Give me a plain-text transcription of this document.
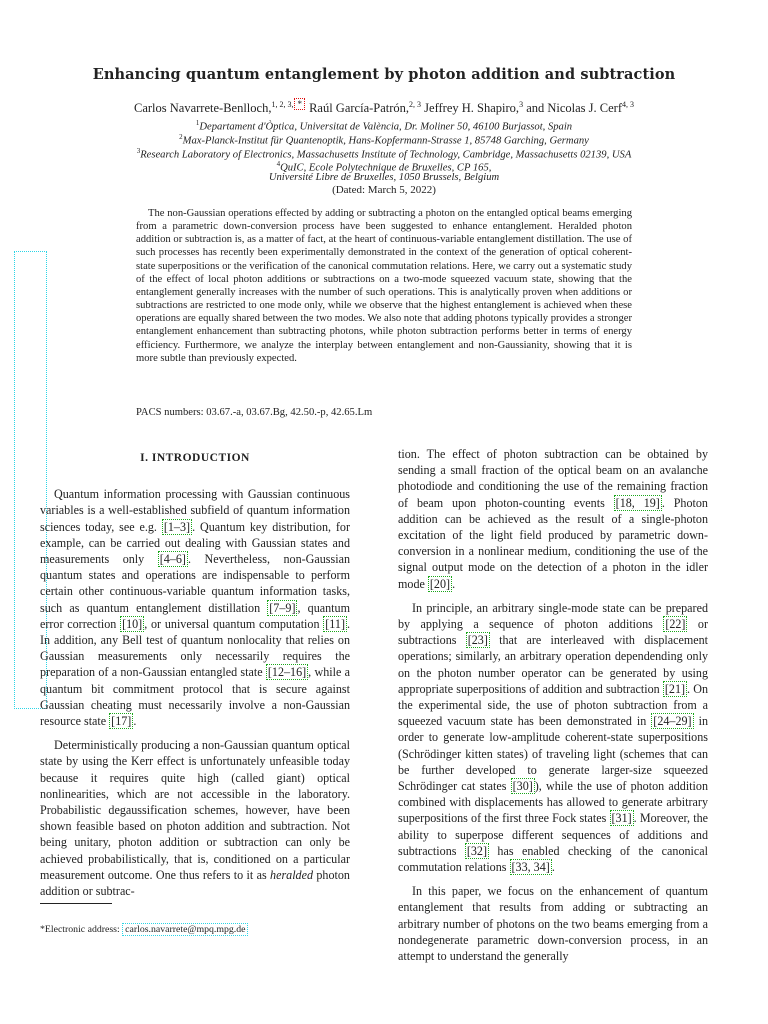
Enhancing quantum entanglement by photon addition and subtraction
Carlos Navarrete-Benlloch,$^{1, 2, 3,}$ * Raúl García-Patrón,$^{2, 3}$ Jeffrey H. Shapiro,$^3$ and Nicolas J. Cerf$^{4, 3}$
$^1$Departament d'Òptica, Universitat de València, Dr. Moliner 50, 46100 Burjassot, Spain
$^2$Max-Planck-Institut für Quantenoptik, Hans-Kopfermann-Strasse 1, 85748 Garching, Germany
$^3$Research Laboratory of Electronics, Massachusetts Institute of Technology, Cambridge, Massachusetts 02139, USA
$^4$QuIC, Ecole Polytechnique de Bruxelles, CP 165,
Université Libre de Bruxelles, 1050 Brussels, Belgium
(Dated: March 5, 2022)
The non-Gaussian operations effected by adding or subtracting a photon on the entangled optical beams emerging from a parametric down-conversion process have been suggested to enhance entanglement. Heralded photon addition or subtraction is, as a matter of fact, at the heart of continuous-variable entanglement distillation. The use of such processes has recently been experimentally demonstrated in the context of the generation of optical coherent-state superpositions or the verification of the canonical commutation relations. Here, we carry out a systematic study of the effect of local photon additions or subtractions on a two-mode squeezed vacuum state, showing that the entanglement generally increases with the number of such operations. This is analytically proven when additions or subtractions are restricted to one mode only, while we observe that the highest entanglement is achieved when these operations are equally shared between the two modes. We also note that adding photons typically provides a stronger entanglement enhancement than subtracting photons, while photon subtraction performs better in terms of energy efficiency. Furthermore, we analyze the interplay between entanglement and non-Gaussianity, showing that it is more subtle than previously expected.
PACS numbers: 03.67.-a, 03.67.Bg, 42.50.-p, 42.65.Lm
I. INTRODUCTION

Quantum information processing with Gaussian continuous variables is a well-established subfield of quantum information sciences today, see e.g. [1–3] . Quantum key distribution, for example, can be carried out dealing with Gaussian states and measurements only [4–6] . Nevertheless, non-Gaussian quantum states and operations are indispensable to perform certain other continuous-variable quantum information tasks, such as quantum entanglement distillation [7–9] , quantum error correction [10] , or universal quantum computation [11] . In addition, any Bell test of quantum nonlocality that relies on Gaussian measurements only necessarily requires the preparation of a non-Gaussian entangled state [12–16] , while a quantum bit commitment protocol that is secure against Gaussian cheating must necessarily involve a non-Gaussian resource state [17] .

Deterministically producing a non-Gaussian quantum optical state by using the Kerr effect is unfortunately unfeasible today because it requires quite high (called giant) optical nonlinearities, which are not accessible in the laboratory. Probabilistic degaussification schemes, however, have been shown feasible based on photon addition and subtraction. Not being unitary, photon addition or subtraction can only be achieved probabilistically, that is, conditioned on a particular measurement outcome. One thus refers to it as heralded photon addition or subtrac-

tion. The effect of photon subtraction can be obtained by sending a small fraction of the optical beam on an avalanche photodiode and conditioning the use of the remaining fraction of beam upon photon-counting events [18, 19] . Photon addition can be achieved as the result of a single-photon excitation of the light field produced by parametric down-conversion in a nonlinear medium, conditioning the use of the signal output mode on the detection of a photon in the idler mode [20] .

In principle, an arbitrary single-mode state can be prepared by applying a sequence of photon additions [22] or subtractions [23] that are interleaved with displacement operations; similarly, an arbitrary operation dependending only on the photon number operator can be generated by using appropriate superpositions of addition and subtraction [21] . On the experimental side, the use of photon subtraction from a squeezed vacuum state has been demonstrated in [24–29] in order to generate low-amplitude coherent-state superpositions (Schrödinger kitten states) of traveling light (schemes that can be further developed to generate larger-size squeezed Schrödinger cat states [30] ), while the use of photon addition combined with displacements has allowed to generate arbitrary superpositions of the first three Fock states [31] . Moreover, the ability to superpose different sequences of additions and subtractions [32] has enabled checking of the canonical commutation relations [33, 34] .

In this paper, we focus on the enhancement of quantum entanglement that results from adding or subtracting an arbitrary number of photons on the two beams emerging from a nondegenerate parametric down-conversion process, in an attempt to understand the generally

*Electronic address: carlos.navarrete@mpq.mpg.de
